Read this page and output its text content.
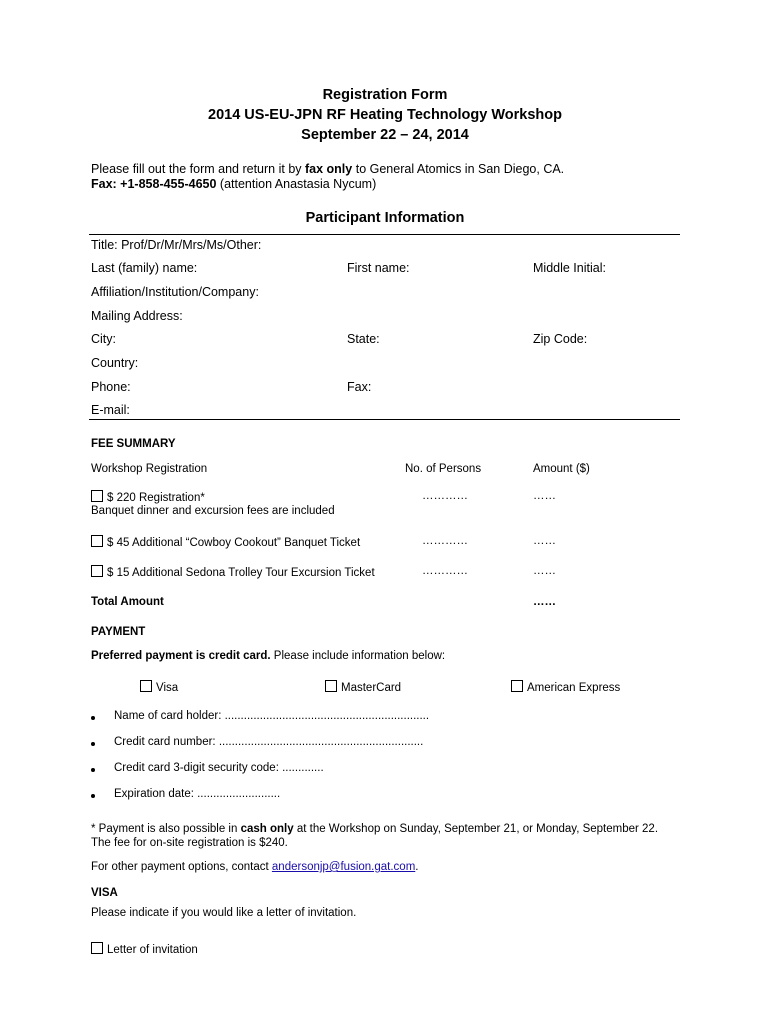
Registration Form
2014 US-EU-JPN RF Heating Technology Workshop
September 22 – 24, 2014
Please fill out the form and return it by fax only to General Atomics in San Diego, CA.
Fax: +1-858-455-4650 (attention Anastasia Nycum)
Participant Information
Title: Prof/Dr/Mr/Mrs/Ms/Other:
Last (family) name:	First name:	Middle Initial:
Affiliation/Institution/Company:
Mailing Address:
City:	State:	Zip Code:
Country:
Phone:	Fax:
E-mail:
FEE SUMMARY
Workshop Registration	No. of Persons	Amount ($)
$ 220 Registration*	…………	……
Banquet dinner and excursion fees are included
$ 45 Additional “Cowboy Cookout” Banquet Ticket	…………	……
$ 15 Additional Sedona Trolley Tour Excursion Ticket	…………	……
Total Amount	……
PAYMENT
Preferred payment is credit card. Please include information below:
Visa	MasterCard	American Express
Name of card holder: ................................................................
Credit card number: ................................................................
Credit card 3-digit security code: .............
Expiration date: ..........................
* Payment is also possible in cash only at the Workshop on Sunday, September 21, or Monday, September 22.
The fee for on-site registration is $240.
For other payment options, contact andersonjp@fusion.gat.com.
VISA
Please indicate if you would like a letter of invitation.
Letter of invitation
